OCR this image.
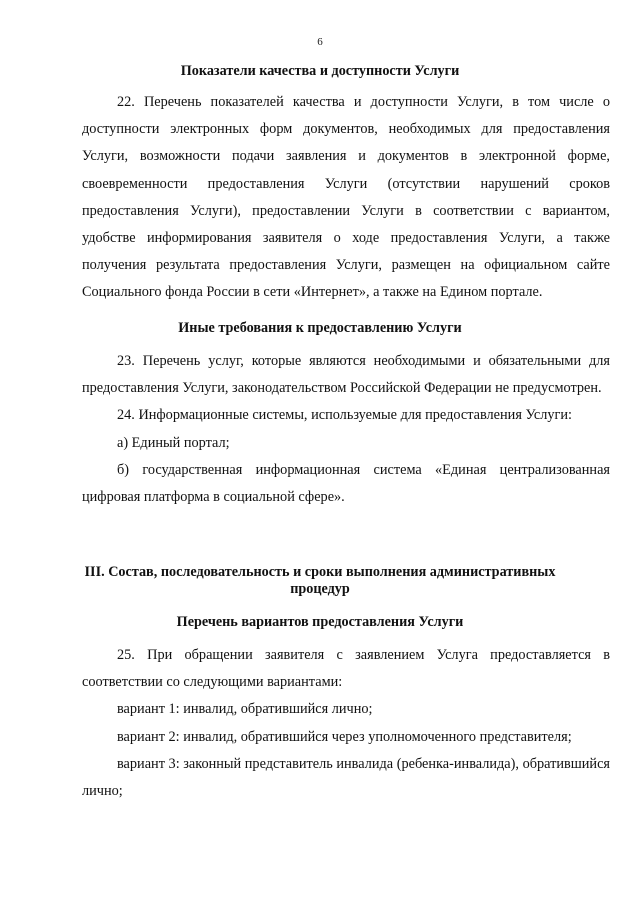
6
Показатели качества и доступности Услуги

22. Перечень показателей качества и доступности Услуги, в том числе о доступности электронных форм документов, необходимых для предоставления Услуги, возможности подачи заявления и документов в электронной форме, своевременности предоставления Услуги (отсутствии нарушений сроков предоставления Услуги), предоставлении Услуги в соответствии с вариантом, удобстве информирования заявителя о ходе предоставления Услуги, а также получения результата предоставления Услуги, размещен на официальном сайте Социального фонда России в сети «Интернет», а также на Едином портале.

Иные требования к предоставлению Услуги

23. Перечень услуг, которые являются необходимыми и обязательными для предоставления Услуги, законодательством Российской Федерации не предусмотрен.

24. Информационные системы, используемые для предоставления Услуги:

а) Единый портал;

б) государственная информационная система «Единая централизованная цифровая платформа в социальной сфере».

III. Состав, последовательность и сроки выполнения административных
процедур
Перечень вариантов предоставления Услуги

25. При обращении заявителя с заявлением Услуга предоставляется в соответствии со следующими вариантами:

вариант 1: инвалид, обратившийся лично;

вариант 2: инвалид, обратившийся через уполномоченного представителя;

вариант 3: законный представитель инвалида (ребенка-инвалида), обратившийся лично;
